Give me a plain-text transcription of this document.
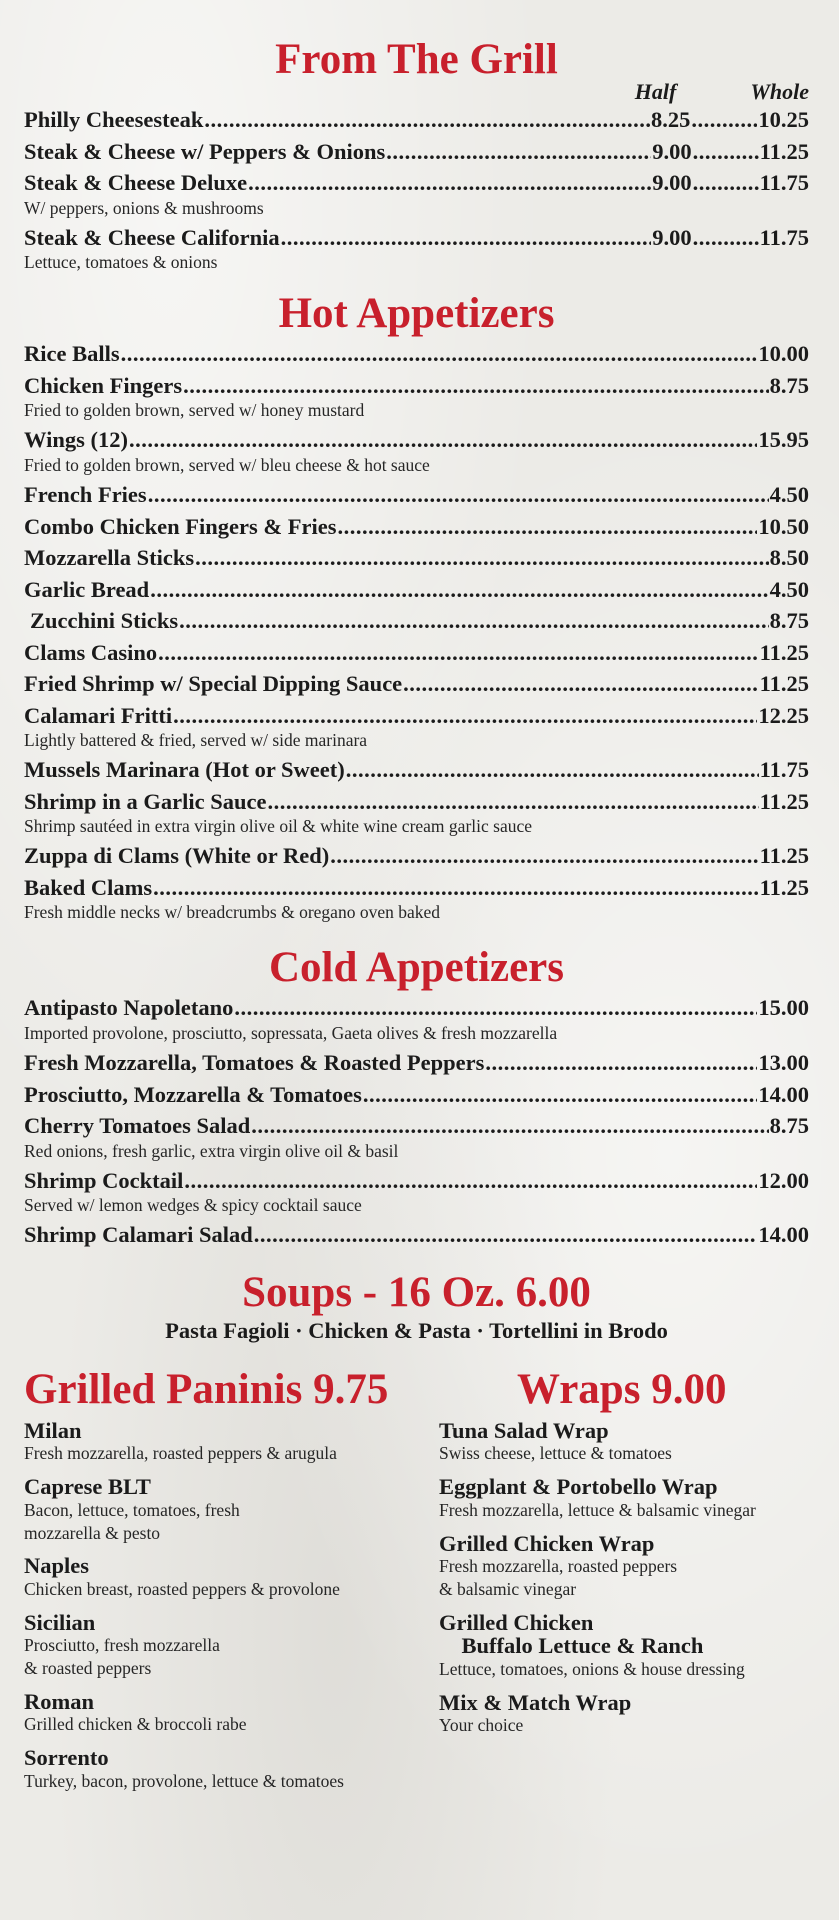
From The Grill
Half	Whole
Philly Cheesesteak .....	8.25 .....	10.25
Steak & Cheese w/ Peppers & Onions .....	9.00 .....	11.25
Steak & Cheese Deluxe .....	9.00 .....	11.75
W/ peppers, onions & mushrooms
Steak & Cheese California .....	9.00 .....	11.75
Lettuce, tomatoes & onions
Hot Appetizers
Rice Balls .....	10.00
Chicken Fingers .....	8.75
Fried to golden brown, served w/ honey mustard
Wings (12) .....	15.95
Fried to golden brown, served w/ bleu cheese & hot sauce
French Fries .....	4.50
Combo Chicken Fingers & Fries .....	10.50
Mozzarella Sticks .....	8.50
Garlic Bread .....	4.50
Zucchini Sticks .....	8.75
Clams Casino .....	11.25
Fried Shrimp w/ Special Dipping Sauce .....	11.25
Calamari Fritti .....	12.25
Lightly battered & fried, served w/ side marinara
Mussels Marinara (Hot or Sweet) .....	11.75
Shrimp in a Garlic Sauce .....	11.25
Shrimp sautéed in extra virgin olive oil & white wine cream garlic sauce
Zuppa di Clams (White or Red) .....	11.25
Baked Clams .....	11.25
Fresh middle necks w/ breadcrumbs & oregano oven baked
Cold Appetizers
Antipasto Napoletano .....	15.00
Imported provolone, prosciutto, sopressata, Gaeta olives & fresh mozzarella
Fresh Mozzarella, Tomatoes & Roasted Peppers .....	13.00
Prosciutto, Mozzarella & Tomatoes .....	14.00
Cherry Tomatoes Salad .....	8.75
Red onions, fresh garlic, extra virgin olive oil & basil
Shrimp Cocktail .....	12.00
Served w/ lemon wedges & spicy cocktail sauce
Shrimp Calamari Salad .....	14.00
Soups - 16 Oz. 6.00
Pasta Fagioli · Chicken & Pasta · Tortellini in Brodo
Grilled Paninis 9.75
Milan
Fresh mozzarella, roasted peppers & arugula
Caprese BLT
Bacon, lettuce, tomatoes, fresh
mozzarella & pesto
Naples
Chicken breast, roasted peppers & provolone
Sicilian
Prosciutto, fresh mozzarella
& roasted peppers
Roman
Grilled chicken & broccoli rabe
Sorrento
Turkey, bacon, provolone, lettuce & tomatoes
Wraps 9.00
Tuna Salad Wrap
Swiss cheese, lettuce & tomatoes
Eggplant & Portobello Wrap
Fresh mozzarella, lettuce & balsamic vinegar
Grilled Chicken Wrap
Fresh mozzarella, roasted peppers
& balsamic vinegar
Grilled Chicken
Buffalo Lettuce & Ranch
Lettuce, tomatoes, onions & house dressing
Mix & Match Wrap
Your choice
